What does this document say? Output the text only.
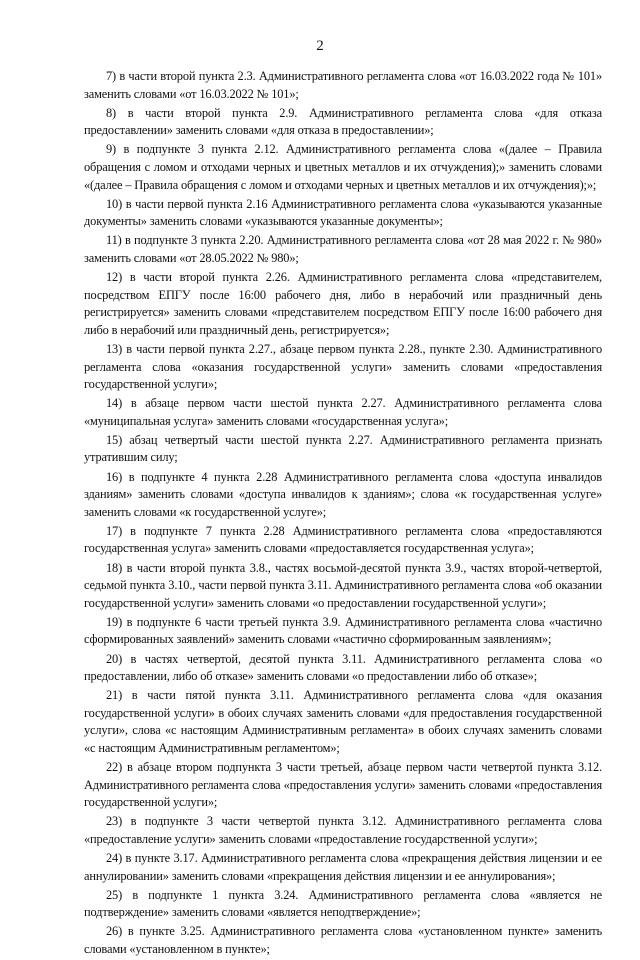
2

7) в части второй пункта 2.3. Административного регламента слова «от 16.03.2022 года № 101» заменить словами «от 16.03.2022 № 101»;

8) в части второй пункта 2.9. Административного регламента слова «для отказа предоставлении» заменить словами «для отказа в предоставлении»;

9) в подпункте 3 пункта 2.12. Административного регламента слова «(далее – Правила обращения с ломом и отходами черных и цветных металлов и их отчуждения);» заменить словами «(далее – Правила обращения с ломом и отходами черных и цветных металлов и их отчуждения);»;

10) в части первой пункта 2.16 Административного регламента слова «указываются указанные документы» заменить словами «указываются указанные документы»;

11) в подпункте 3 пункта 2.20. Административного регламента слова «от 28 мая 2022 г. № 980» заменить словами «от 28.05.2022 № 980»;

12) в части второй пункта 2.26. Административного регламента слова «представителем, посредством ЕПГУ после 16:00 рабочего дня, либо в нерабочий или праздничный день регистрируется» заменить словами «представителем посредством ЕПГУ после 16:00 рабочего дня либо в нерабочий или праздничный день, регистрируется»;

13) в части первой пункта 2.27., абзаце первом пункта 2.28., пункте 2.30. Административного регламента слова «оказания государственной услуги» заменить словами «предоставления государственной услуги»;

14) в абзаце первом части шестой пункта 2.27. Административного регламента слова «муниципальная услуга» заменить словами «государственная услуга»;

15) абзац четвертый части шестой пункта 2.27. Административного регламента признать утратившим силу;

16) в подпункте 4 пункта 2.28 Административного регламента слова «доступа инвалидов зданиям» заменить словами «доступа инвалидов к зданиям»; слова «к государственная услуге» заменить словами «к государственной услуге»;

17) в подпункте 7 пункта 2.28 Административного регламента слова «предоставляются государственная услуга» заменить словами «предоставляется государственная услуга»;

18) в части второй пункта 3.8., частях восьмой-десятой пункта 3.9., частях второй-четвертой, седьмой пункта 3.10., части первой пункта 3.11. Административного регламента слова «об оказании государственной услуги» заменить словами «о предоставлении государственной услуги»;

19) в подпункте 6 части третьей пункта 3.9. Административного регламента слова «частично сформированных заявлений» заменить словами «частично сформированным заявлениям»;

20) в частях четвертой, десятой пункта 3.11. Административного регламента слова «о предоставлении, либо об отказе» заменить словами «о предоставлении либо об отказе»;

21) в части пятой пункта 3.11. Административного регламента слова «для оказания государственной услуги» в обоих случаях заменить словами «для предоставления государственной услуги», слова «с настоящим Административным регламента» в обоих случаях заменить словами «с настоящим Административным регламентом»;

22) в абзаце втором подпункта 3 части третьей, абзаце первом части четвертой пункта 3.12. Административного регламента слова «предоставления услуги» заменить словами «предоставления государственной услуги»;

23) в подпункте 3 части четвертой пункта 3.12. Административного регламента слова «предоставление услуги» заменить словами «предоставление государственной услуги»;

24) в пункте 3.17. Административного регламента слова «прекращения действия лицензии и ее аннулировании» заменить словами «прекращения действия лицензии и ее аннулирования»;

25) в подпункте 1 пункта 3.24. Административного регламента слова «является не подтверждение» заменить словами «является неподтверждение»;

26) в пункте 3.25. Административного регламента слова «установленном пункте» заменить словами «установленном в пункте»;
